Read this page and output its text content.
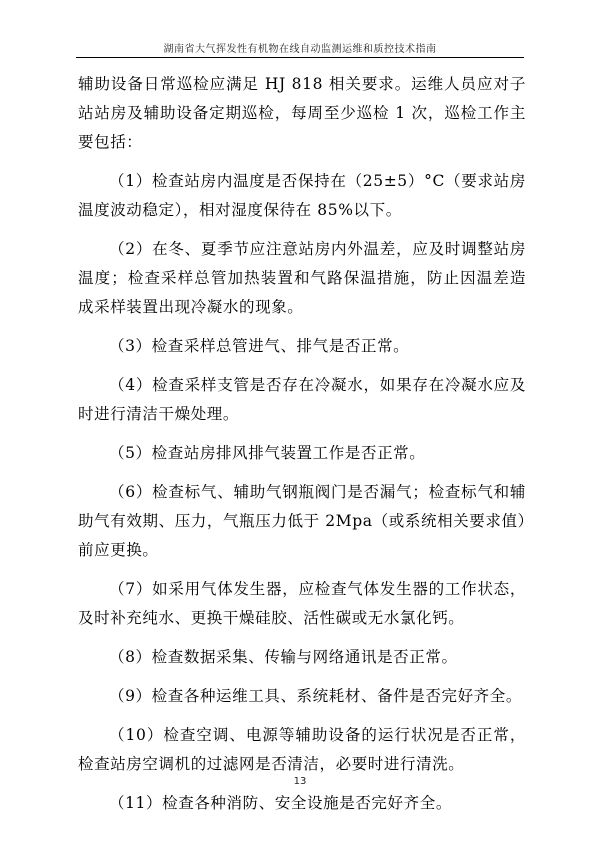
湖南省大气挥发性有机物在线自动监测运维和质控技术指南

辅助设备日常巡检应满足 HJ 818 相关要求。运维人员应对子站站房及辅助设备定期巡检，每周至少巡检 1 次，巡检工作主要包括：

（1）检查站房内温度是否保持在（25±5）°C（要求站房温度波动稳定），相对湿度保待在 85%以下。

（2）在冬、夏季节应注意站房内外温差，应及时调整站房温度；检查采样总管加热装置和气路保温措施，防止因温差造成采样装置出现冷凝水的现象。

（3）检查采样总管进气、排气是否正常。

（4）检查采样支管是否存在冷凝水，如果存在冷凝水应及时进行清洁干燥处理。

（5）检查站房排风排气装置工作是否正常。

（6）检查标气、辅助气钢瓶阀门是否漏气；检查标气和辅助气有效期、压力，气瓶压力低于 2Mpa（或系统相关要求值）前应更换。

（7）如采用气体发生器，应检查气体发生器的工作状态，及时补充纯水、更换干燥硅胶、活性碳或无水氯化钙。

（8）检查数据采集、传输与网络通讯是否正常。

（9）检查各种运维工具、系统耗材、备件是否完好齐全。

（10）检查空调、电源等辅助设备的运行状况是否正常，检查站房空调机的过滤网是否清洁，必要时进行清洗。

（11）检查各种消防、安全设施是否完好齐全。

13
